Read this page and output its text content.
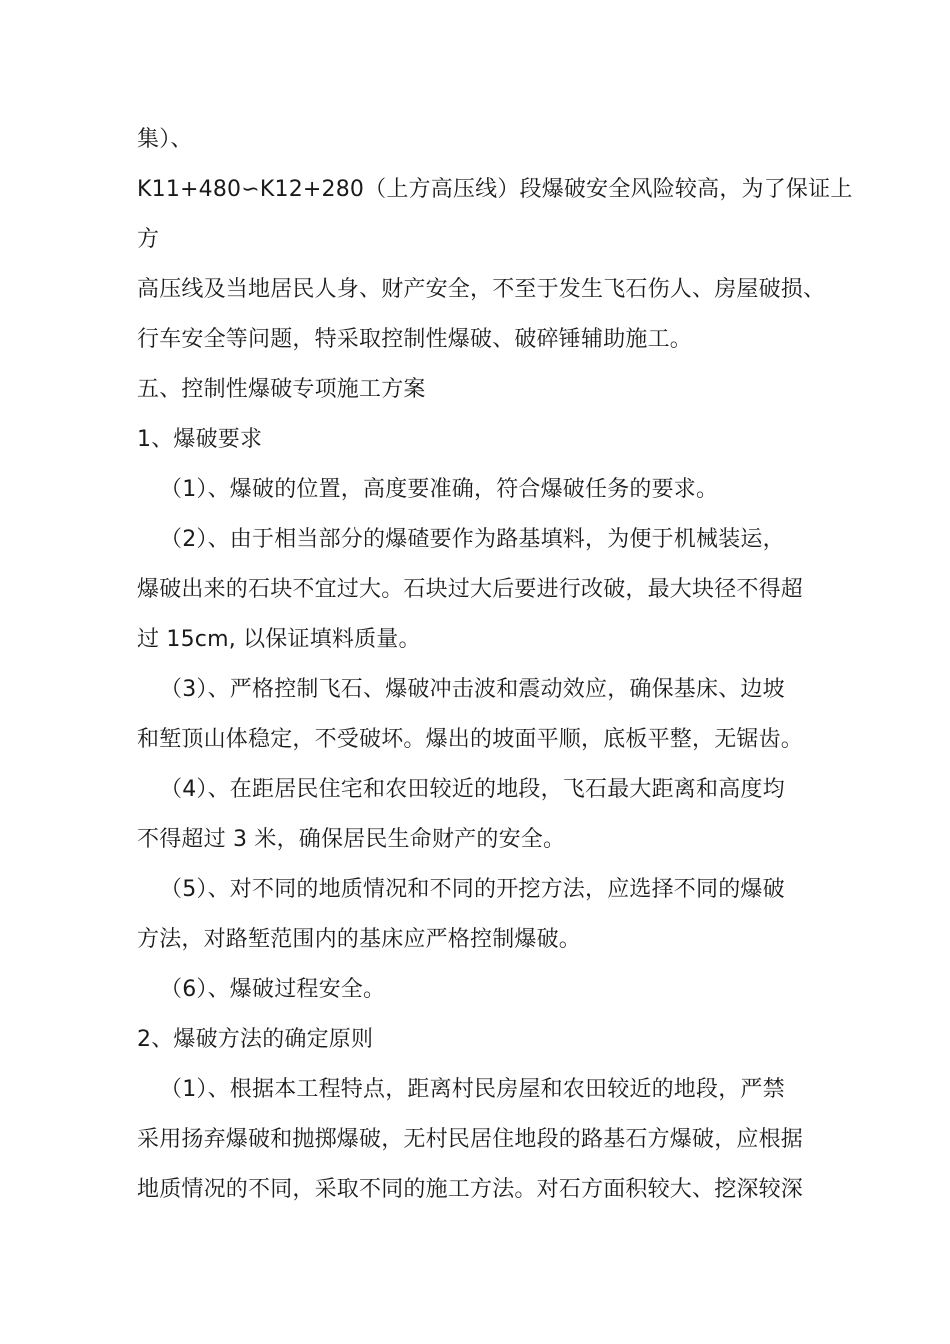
集）、
K11+480∽K12+280（上方高压线）段爆破安全风险较高，为了保证上
方
高压线及当地居民人身、财产安全，不至于发生飞石伤人、房屋破损、
行车安全等问题，特采取控制性爆破、破碎锤辅助施工。
五、控制性爆破专项施工方案
1、爆破要求
（1）、爆破的位置，高度要准确，符合爆破任务的要求。
（2）、由于相当部分的爆碴要作为路基填料，为便于机械装运，
爆破出来的石块不宜过大。石块过大后要进行改破，最大块径不得超
过 15cm, 以保证填料质量。
（3）、严格控制飞石、爆破冲击波和震动效应，确保基床、边坡
和堑顶山体稳定，不受破坏。爆出的坡面平顺，底板平整，无锯齿。
（4）、在距居民住宅和农田较近的地段，飞石最大距离和高度均
不得超过 3 米，确保居民生命财产的安全。
（5）、对不同的地质情况和不同的开挖方法，应选择不同的爆破
方法，对路堑范围内的基床应严格控制爆破。
（6）、爆破过程安全。
2、爆破方法的确定原则
（1）、根据本工程特点，距离村民房屋和农田较近的地段，严禁
采用扬弃爆破和抛掷爆破，无村民居住地段的路基石方爆破，应根据
地质情况的不同，采取不同的施工方法。对石方面积较大、挖深较深
